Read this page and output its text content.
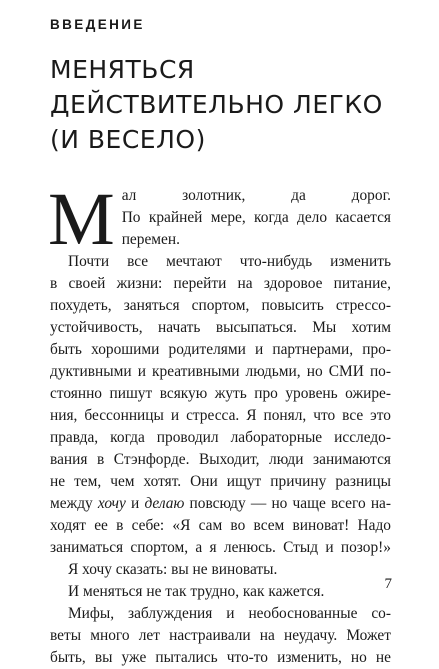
ВВЕДЕНИЕ
МЕНЯТЬСЯ
ДЕЙСТВИТЕЛЬНО ЛЕГКО
(И ВЕСЕЛО)
М ал золотник, да дорог.
По крайней мере, когда дело касается
перемен.
Почти все мечтают что-нибудь изменить
в своей жизни: перейти на здоровое питание,
похудеть, заняться спортом, повысить стрессо-
устойчивость, начать высыпаться. Мы хотим
быть хорошими родителями и партнерами, про-
дуктивными и креативными людьми, но СМИ по-
стоянно пишут всякую жуть про уровень ожире-
ния, бессонницы и стресса. Я понял, что все это
правда, когда проводил лабораторные исследо-
вания в Стэнфорде. Выходит, люди занимаются
не тем, чем хотят. Они ищут причину разницы
между хочу и делаю повсюду — но чаще всего на-
ходят ее в себе: «Я сам во всем виноват! Надо
заниматься спортом, а я ленюсь. Стыд и позор!»
Я хочу сказать: вы не виноваты.
И меняться не так трудно, как кажется.
Мифы, заблуждения и необоснованные со-
веты много лет настраивали на неудачу. Может
быть, вы уже пытались что-то изменить, но не
7
